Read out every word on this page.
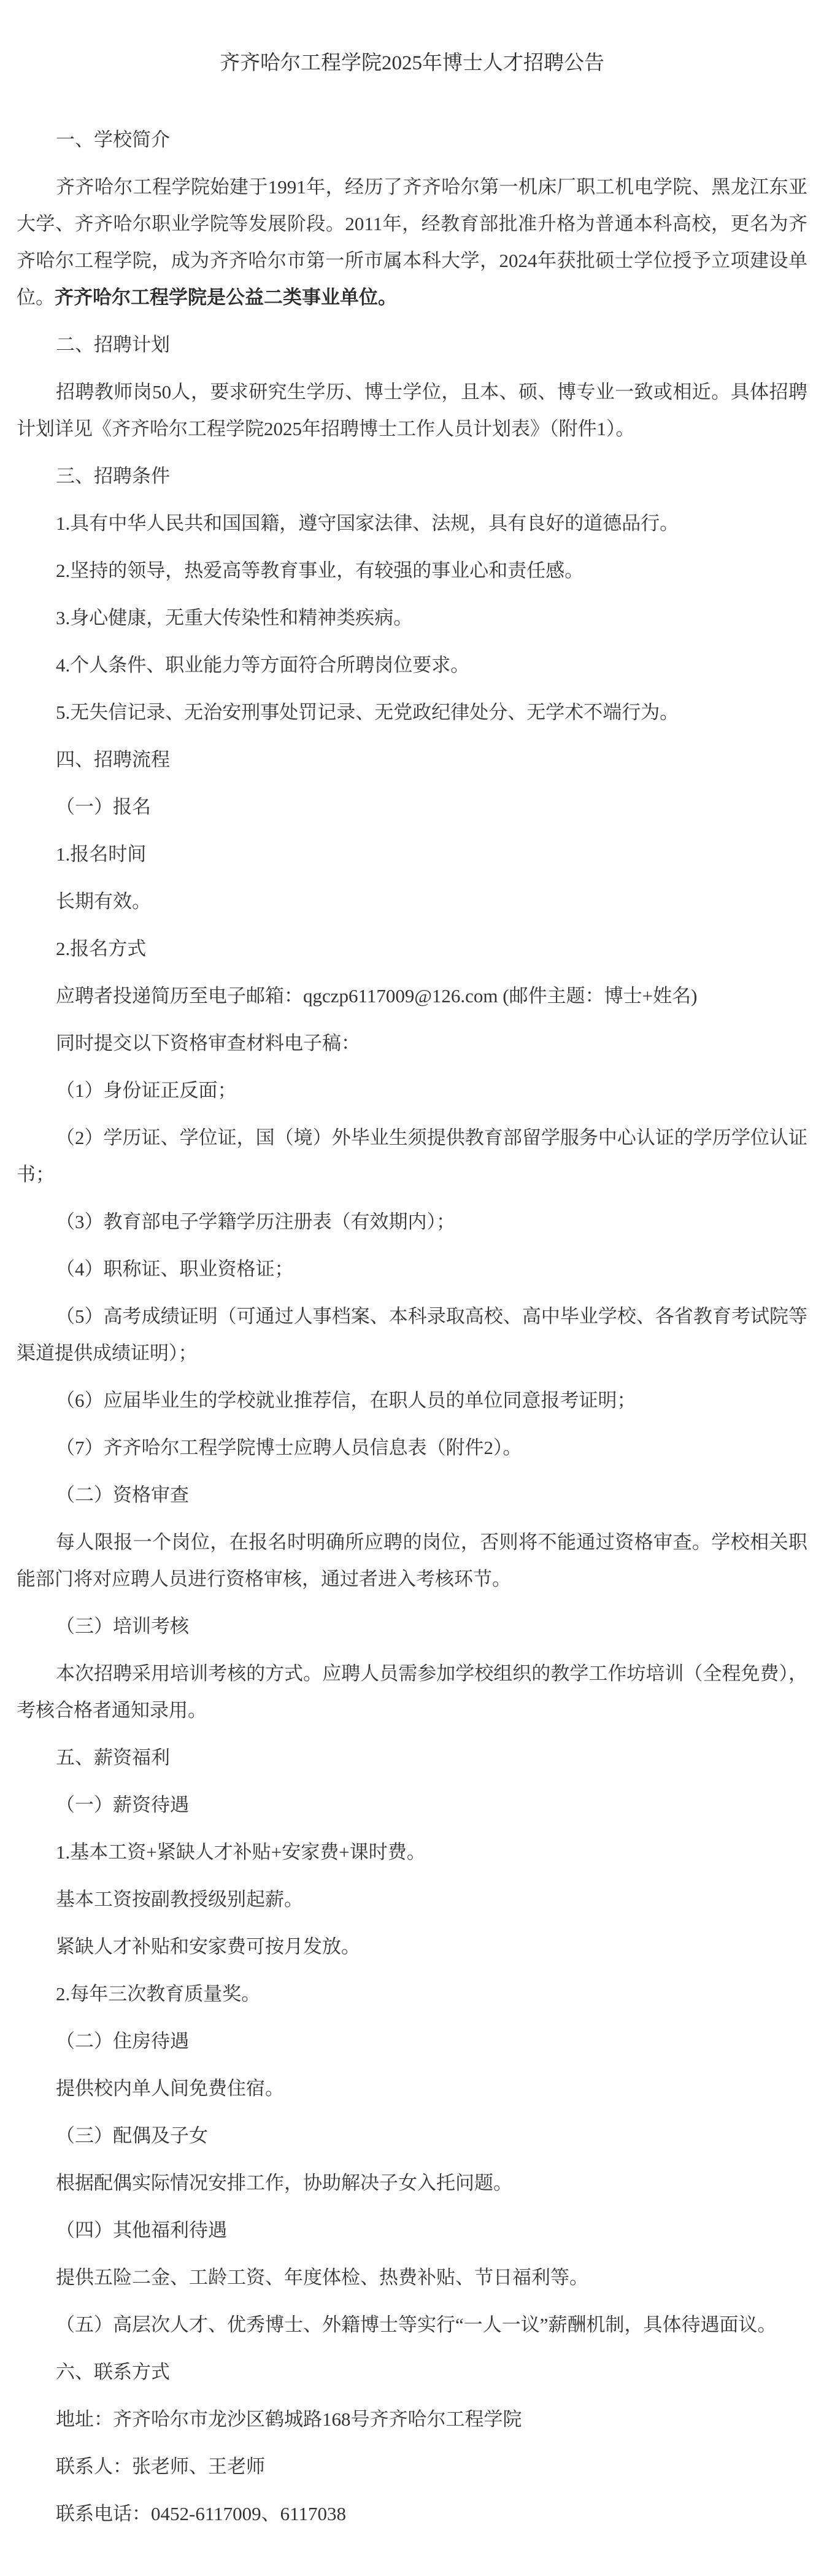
齐齐哈尔工程学院2025年博士人才招聘公告
一、学校简介

齐齐哈尔工程学院始建于1991年，经历了齐齐哈尔第一机床厂职工机电学院、黑龙江东亚大学、齐齐哈尔职业学院等发展阶段。2011年，经教育部批准升格为普通本科高校，更名为齐齐哈尔工程学院，成为齐齐哈尔市第一所市属本科大学，2024年获批硕士学位授予立项建设单位。齐齐哈尔工程学院是公益二类事业单位。

二、招聘计划

招聘教师岗50人，要求研究生学历、博士学位，且本、硕、博专业一致或相近。具体招聘计划详见《齐齐哈尔工程学院2025年招聘博士工作人员计划表》（附件1）。

三、招聘条件

1.具有中华人民共和国国籍，遵守国家法律、法规，具有良好的道德品行。

2.坚持的领导，热爱高等教育事业，有较强的事业心和责任感。

3.身心健康，无重大传染性和精神类疾病。

4.个人条件、职业能力等方面符合所聘岗位要求。

5.无失信记录、无治安刑事处罚记录、无党政纪律处分、无学术不端行为。

四、招聘流程

（一）报名

1.报名时间

长期有效。

2.报名方式

应聘者投递简历至电子邮箱：qgczp6117009@126.com (邮件主题：博士+姓名)

同时提交以下资格审查材料电子稿：

（1）身份证正反面；

（2）学历证、学位证，国（境）外毕业生须提供教育部留学服务中心认证的学历学位认证书；

（3）教育部电子学籍学历注册表（有效期内）；

（4）职称证、职业资格证；

（5）高考成绩证明（可通过人事档案、本科录取高校、高中毕业学校、各省教育考试院等渠道提供成绩证明）；

（6）应届毕业生的学校就业推荐信，在职人员的单位同意报考证明；

（7）齐齐哈尔工程学院博士应聘人员信息表（附件2）。

（二）资格审查

每人限报一个岗位，在报名时明确所应聘的岗位，否则将不能通过资格审查。学校相关职能部门将对应聘人员进行资格审核，通过者进入考核环节。

（三）培训考核

本次招聘采用培训考核的方式。应聘人员需参加学校组织的教学工作坊培训（全程免费），考核合格者通知录用。

五、薪资福利

（一）薪资待遇

1.基本工资+紧缺人才补贴+安家费+课时费。

基本工资按副教授级别起薪。

紧缺人才补贴和安家费可按月发放。

2.每年三次教育质量奖。

（二）住房待遇

提供校内单人间免费住宿。

（三）配偶及子女

根据配偶实际情况安排工作，协助解决子女入托问题。

（四）其他福利待遇

提供五险二金、工龄工资、年度体检、热费补贴、节日福利等。

（五）高层次人才、优秀博士、外籍博士等实行“一人一议”薪酬机制，具体待遇面议。

六、联系方式

地址：齐齐哈尔市龙沙区鹤城路168号齐齐哈尔工程学院

联系人：张老师、王老师

联系电话：0452-6117009、6117038
